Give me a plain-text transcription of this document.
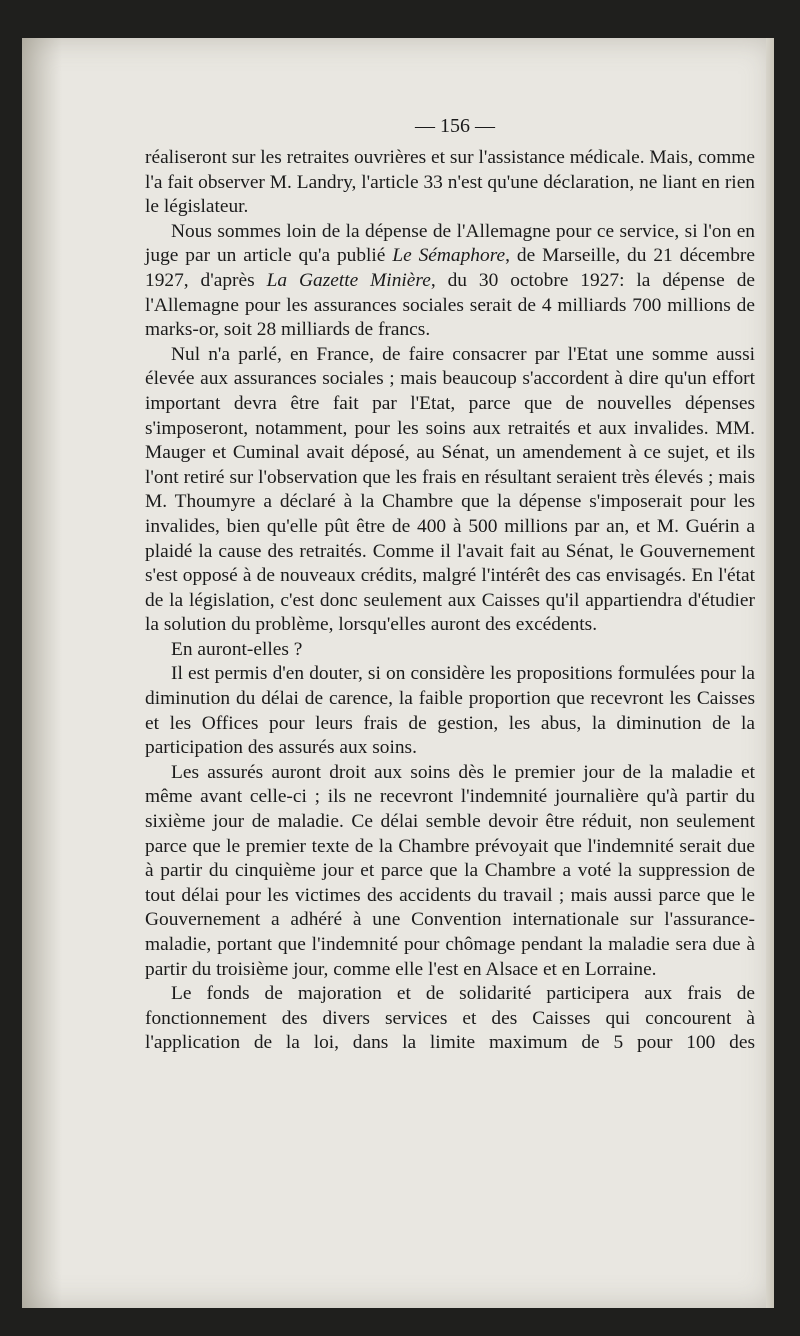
— 156 —

réaliseront sur les retraites ouvrières et sur l'assistance médicale. Mais, comme l'a fait observer M. Landry, l'article 33 n'est qu'une déclaration, ne liant en rien le législateur.

Nous sommes loin de la dépense de l'Allemagne pour ce service, si l'on en juge par un article qu'a publié Le Sémaphore, de Marseille, du 21 décembre 1927, d'après La Gazette Minière, du 30 octobre 1927: la dépense de l'Allemagne pour les assurances sociales serait de 4 milliards 700 millions de marks-or, soit 28 milliards de francs.

Nul n'a parlé, en France, de faire consacrer par l'Etat une somme aussi élevée aux assurances sociales ; mais beaucoup s'accordent à dire qu'un effort important devra être fait par l'Etat, parce que de nouvelles dépenses s'imposeront, notamment, pour les soins aux retraités et aux invalides. MM. Mauger et Cuminal avait déposé, au Sénat, un amendement à ce sujet, et ils l'ont retiré sur l'observation que les frais en résultant seraient très élevés ; mais M. Thoumyre a déclaré à la Chambre que la dépense s'imposerait pour les invalides, bien qu'elle pût être de 400 à 500 millions par an, et M. Guérin a plaidé la cause des retraités. Comme il l'avait fait au Sénat, le Gouvernement s'est opposé à de nouveaux crédits, malgré l'intérêt des cas envisagés. En l'état de la législation, c'est donc seulement aux Caisses qu'il appartiendra d'étudier la solution du problème, lorsqu'elles auront des excédents.

En auront-elles ?

Il est permis d'en douter, si on considère les propositions formulées pour la diminution du délai de carence, la faible proportion que recevront les Caisses et les Offices pour leurs frais de gestion, les abus, la diminution de la participation des assurés aux soins.

Les assurés auront droit aux soins dès le premier jour de la maladie et même avant celle-ci ; ils ne recevront l'indemnité journalière qu'à partir du sixième jour de maladie. Ce délai semble devoir être réduit, non seulement parce que le premier texte de la Chambre prévoyait que l'indemnité serait due à partir du cinquième jour et parce que la Chambre a voté la suppression de tout délai pour les victimes des accidents du travail ; mais aussi parce que le Gouvernement a adhéré à une Convention internationale sur l'assurance-maladie, portant que l'indemnité pour chômage pendant la maladie sera due à partir du troisième jour, comme elle l'est en Alsace et en Lorraine.

Le fonds de majoration et de solidarité participera aux frais de fonctionnement des divers services et des Caisses qui concourent à l'application de la loi, dans la limite maximum de 5 pour 100 des
